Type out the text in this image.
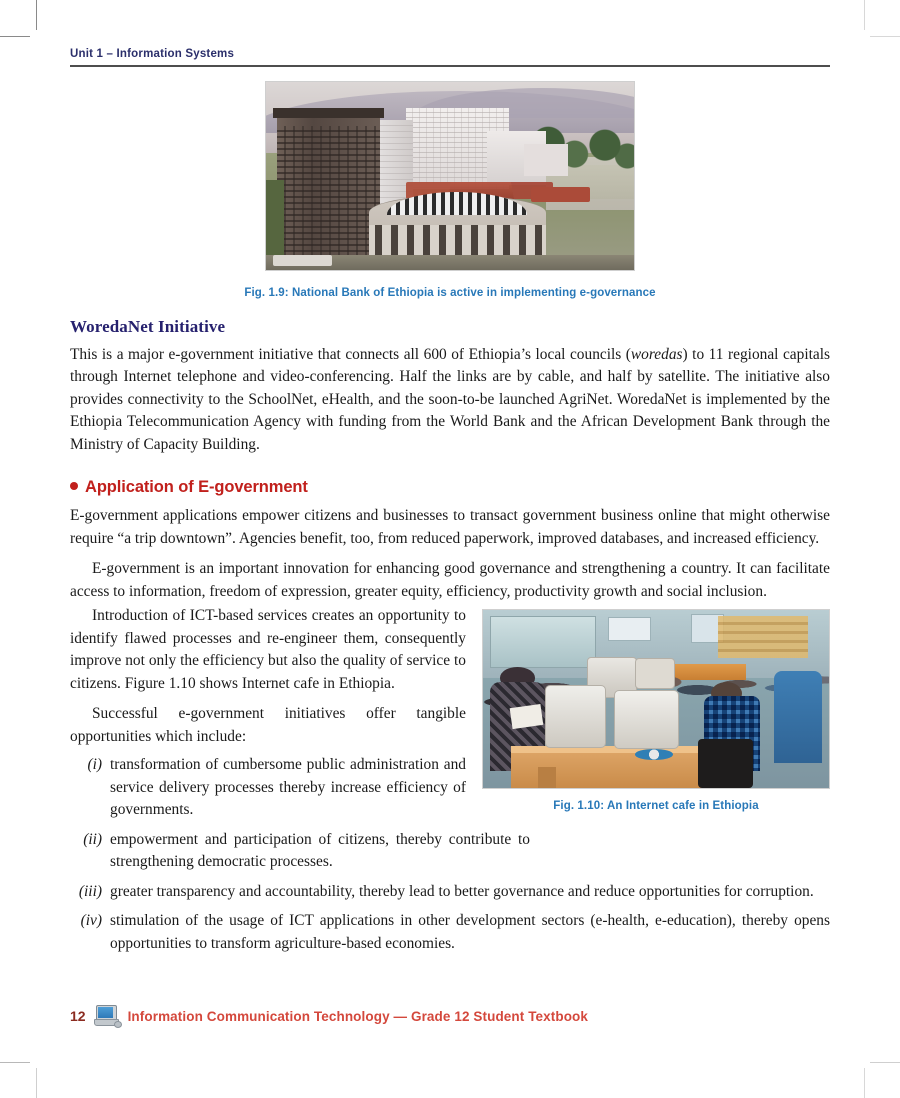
Unit 1 – Information Systems
Fig. 1.9: National Bank of Ethiopia is active in implementing e-governance
WoredaNet Initiative

This is a major e-government initiative that connects all 600 of Ethiopia’s local councils (woredas) to 11 regional capitals through Internet telephone and video-conferencing. Half the links are by cable, and half by satellite. The initiative also provides connectivity to the SchoolNet, eHealth, and the soon-to-be launched AgriNet. WoredaNet is implemented by the Ethiopia Telecommunication Agency with funding from the World Bank and the African Development Bank through the Ministry of Capacity Building.

Application of E-government

E-government applications empower citizens and businesses to transact government business online that might otherwise require “a trip downtown”. Agencies benefit, too, from reduced paperwork, improved databases, and increased efficiency.

E-government is an important innovation for enhancing good governance and strengthening a country. It can facilitate access to information, freedom of expression, greater equity, efficiency, productivity growth and social inclusion.

Fig. 1.10: An Internet cafe in Ethiopia

Introduction of ICT-based services creates an opportunity to identify flawed processes and re-engineer them, consequently improve not only the efficiency but also the quality of service to citizens. Figure 1.10 shows Internet cafe in Ethiopia.

Successful e-government initiatives offer tangible opportunities which include:

(i) transformation of cumbersome public administration and service delivery processes thereby increase efficiency of governments.
(ii) empowerment and participation of citizens, thereby contribute to strengthening democratic processes.
(iii) greater transparency and accountability, thereby lead to better governance and reduce opportunities for corruption.
(iv) stimulation of the usage of ICT applications in other development sectors (e-health, e-education), thereby opens opportunities to transform agriculture-based economies.
12	Information Communication Technology — Grade 12 Student Textbook
